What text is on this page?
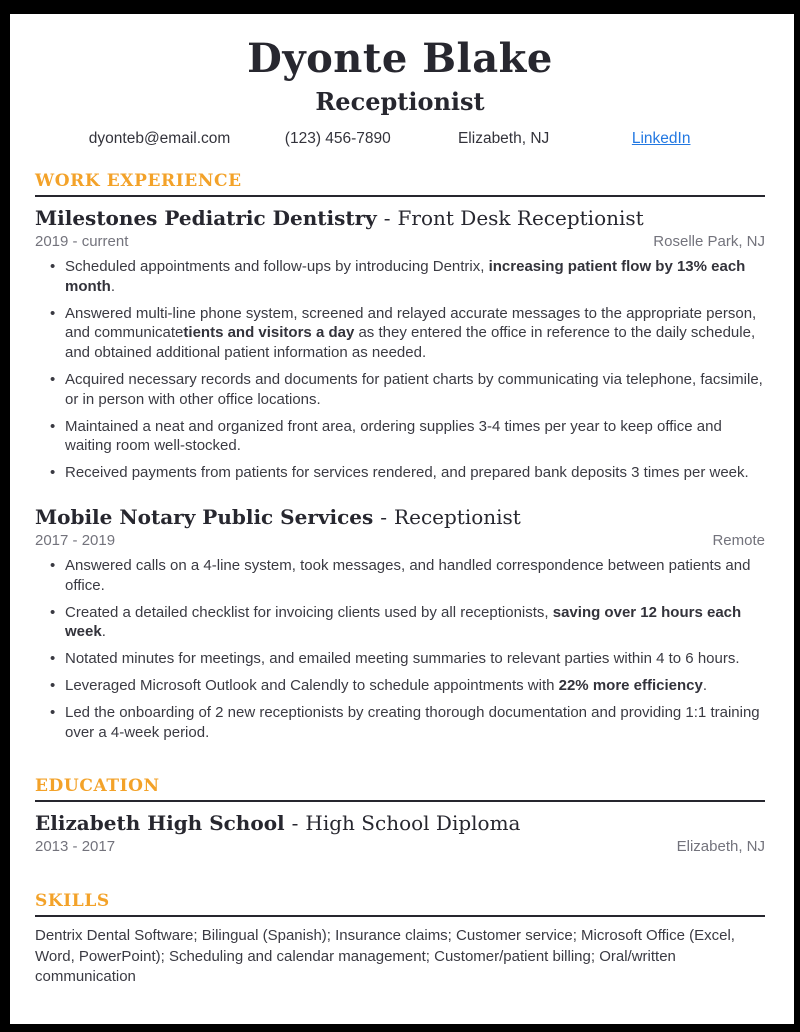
Dyonte Blake
Receptionist
dyonteb@email.com	(123) 456-7890	Elizabeth, NJ	LinkedIn
WORK EXPERIENCE
Milestones Pediatric Dentistry - Front Desk Receptionist
2019 - current	Roselle Park, NJ
• Scheduled appointments and follow-ups by introducing Dentrix, increasing patient flow by 13% each month.
• Answered multi-line phone system, screened and relayed accurate messages to the appropriate person, and communicatetients and visitors a day as they entered the office in reference to the daily schedule, and obtained additional patient information as needed.
• Acquired necessary records and documents for patient charts by communicating via telephone, facsimile, or in person with other office locations.
• Maintained a neat and organized front area, ordering supplies 3-4 times per year to keep office and waiting room well-stocked.
• Received payments from patients for services rendered, and prepared bank deposits 3 times per week.
Mobile Notary Public Services - Receptionist
2017 - 2019	Remote
• Answered calls on a 4-line system, took messages, and handled correspondence between patients and office.
• Created a detailed checklist for invoicing clients used by all receptionists, saving over 12 hours each week.
• Notated minutes for meetings, and emailed meeting summaries to relevant parties within 4 to 6 hours.
• Leveraged Microsoft Outlook and Calendly to schedule appointments with 22% more efficiency.
• Led the onboarding of 2 new receptionists by creating thorough documentation and providing 1:1 training over a 4-week period.
EDUCATION
Elizabeth High School - High School Diploma
2013 - 2017	Elizabeth, NJ
SKILLS

Dentrix Dental Software; Bilingual (Spanish); Insurance claims; Customer service; Microsoft Office (Excel, Word, PowerPoint); Scheduling and calendar management; Customer/patient billing; Oral/written communication
